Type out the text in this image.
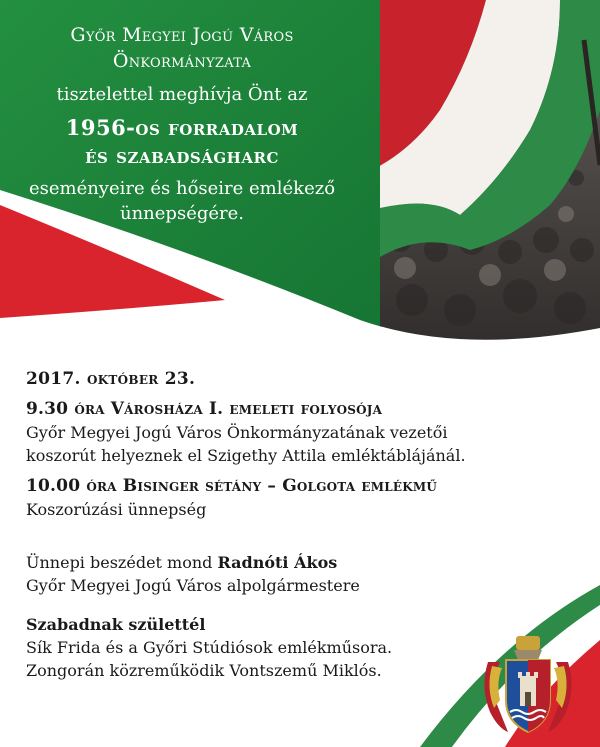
Győr Megyei Jogú Város
Önkormányzata
tisztelettel meghívja Önt az
1956-os forradalom
és szabadságharc
eseményeire és hőseire emlékező
ünnepségére.
2017. október 23.
9.30 óra Városháza I. emeleti folyosója
Győr Megyei Jogú Város Önkormányzatának vezetői
koszorút helyeznek el Szigethy Attila emléktáblájánál.
10.00 óra Bisinger sétány – Golgota emlékmű
Koszorúzási ünnepség
Ünnepi beszédet mond Radnóti Ákos
Győr Megyei Jogú Város alpolgármestere
Szabadnak születtél
Sík Frida és a Győri Stúdiósok emlékműsora.
Zongorán közreműködik Vontszemű Miklós.
